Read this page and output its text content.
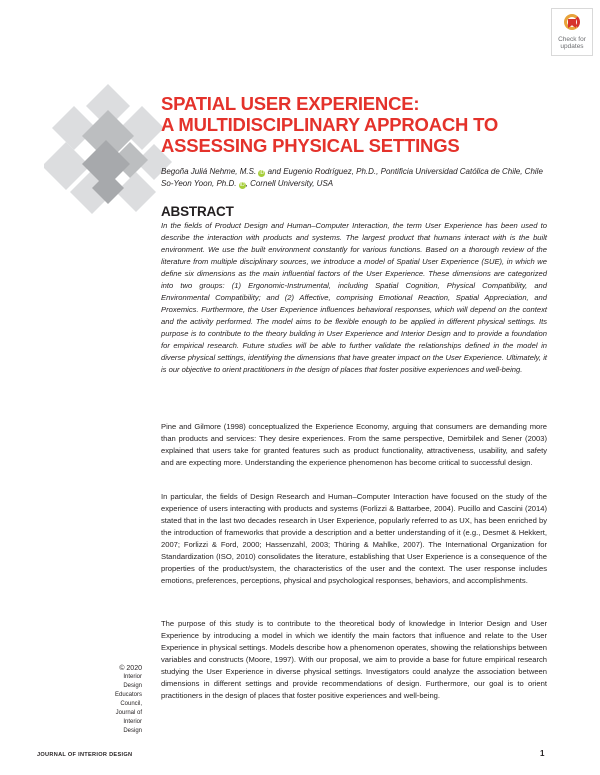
Check for
updates
SPATIAL USER EXPERIENCE:
A MULTIDISCIPLINARY APPROACH TO
ASSESSING PHYSICAL SETTINGS
Begoña Juliá Nehme, M.S. iD and Eugenio Rodríguez, Ph.D., Pontificia Universidad Católica de Chile, Chile
So-Yeon Yoon, Ph.D. iD, Cornell University, USA
ABSTRACT
In the fields of Product Design and Human–Computer Interaction, the term User Experience has been used to describe the interaction with products and systems. The largest product that humans interact with is the built environment. We use the built environment constantly for various functions. Based on a thorough review of the literature from multiple disciplinary sources, we introduce a model of Spatial User Experience (SUE), in which we define six dimensions as the main influential factors of the User Experience. These dimensions are categorized into two groups: (1) Ergonomic-Instrumental, including Spatial Cognition, Physical Compatibility, and Environmental Compatibility; and (2) Affective, comprising Emotional Reaction, Spatial Appreciation, and Proxemics. Furthermore, the User Experience influences behavioral responses, which will depend on the context and the activity performed. The model aims to be flexible enough to be applied in different physical settings. Its purpose is to contribute to the theory building in User Experience and Interior Design and to provide a foundation for empirical research. Future studies will be able to further validate the relationships defined in the model in diverse physical settings, identifying the dimensions that have greater impact on the User Experience. Ultimately, it is our objective to orient practitioners in the design of places that foster positive experiences and well-being.
Pine and Gilmore (1998) conceptualized the Experience Economy, arguing that consumers are demanding more than products and services: They desire experiences. From the same perspective, Demirbilek and Sener (2003) explained that users take for granted features such as product functionality, attractiveness, usability, and safety and are expecting more. Understanding the experience phenomenon has become critical to successful design.
In particular, the fields of Design Research and Human–Computer Interaction have focused on the study of the experience of users interacting with products and systems (Forlizzi & Battarbee, 2004). Pucillo and Cascini (2014) stated that in the last two decades research in User Experience, popularly referred to as UX, has been enriched by the introduction of frameworks that provide a description and a better understanding of it (e.g., Desmet & Hekkert, 2007; Forlizzi & Ford, 2000; Hassenzahl, 2003; Thüring & Mahlke, 2007). The International Organization for Standardization (ISO, 2010) consolidates the literature, establishing that User Experience is a consequence of the properties of the product/system, the characteristics of the user and the context. The user response includes emotions, preferences, perceptions, physical and psychological responses, behaviors, and accomplishments.
The purpose of this study is to contribute to the theoretical body of knowledge in Interior Design and User Experience by introducing a model in which we identify the main factors that influence and relate to the User Experience in physical settings. Models describe how a phenomenon operates, showing the relationships between variables and constructs (Moore, 1997). With our proposal, we aim to provide a base for future empirical research studying the User Experience in diverse physical settings. Investigators could analyze the association between dimensions in different settings and provide recommendations of design. Furthermore, our goal is to orient practitioners in the design of places that foster positive experiences and well-being.
© 2020
Interior Design
Educators Council,
Journal of Interior
Design
JOURNAL OF INTERIOR DESIGN	1
